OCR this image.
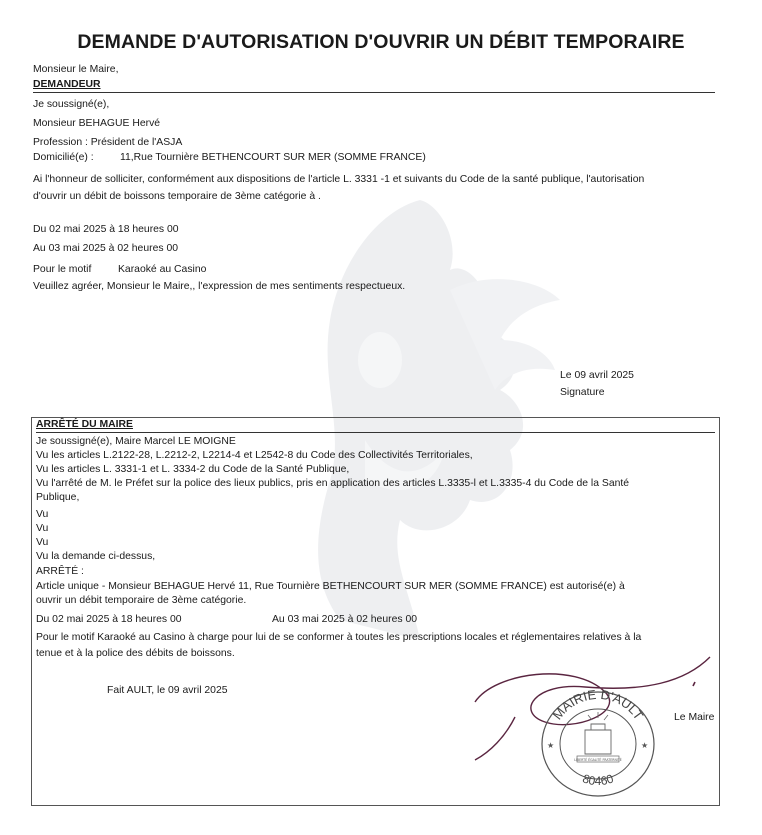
DEMANDE D'AUTORISATION D'OUVRIR UN DÉBIT TEMPORAIRE
Monsieur le Maire,
DEMANDEUR
Je soussigné(e),
Monsieur BEHAGUE Hervé
Profession : Président de l'ASJA
Domicilié(e) :	11,Rue Tournière BETHENCOURT SUR MER (SOMME FRANCE)
Ai l'honneur de solliciter, conformément aux dispositions de l'article L. 3331 -1 et suivants du Code de la santé publique, l'autorisation
d'ouvrir un débit de boissons temporaire de 3ème catégorie à .
Du 02 mai 2025 à 18 heures 00
Au 03 mai 2025 à 02 heures 00
Pour le motif	Karaoké au Casino
Veuillez agréer, Monsieur le Maire,, l'expression de mes sentiments respectueux.
Le 09 avril 2025
Signature
ARRÊTÉ DU MAIRE
Je soussigné(e), Maire Marcel LE MOIGNE
Vu les articles L.2122-28, L.2212-2, L2214-4 et L2542-8 du Code des Collectivités Territoriales,
Vu les articles L. 3331-1 et L. 3334-2 du Code de la Santé Publique,
Vu l'arrêté de M. le Préfet sur la police des lieux publics, pris en application des articles L.3335-l et L.3335-4 du Code de la Santé
Publique,
Vu
Vu
Vu
Vu la demande ci-dessus,
ARRÊTÉ :
Article unique - Monsieur BEHAGUE Hervé 11, Rue Tournière BETHENCOURT SUR MER (SOMME FRANCE) est autorisé(e) à
ouvrir un débit temporaire de 3ème catégorie.
Du 02 mai 2025 à 18 heures 00	Au 03 mai 2025 à 02 heures 00
Pour le motif Karaoké au Casino à charge pour lui de se conformer à toutes les prescriptions locales et réglementaires relatives à la
tenue et à la police des débits de boissons.
Fait AULT, le 09 avril 2025
Le Maire
MAIRIE D'AULT
80460
★	★
LIBERTÉ ÉGALITÉ FRATERNITÉ
